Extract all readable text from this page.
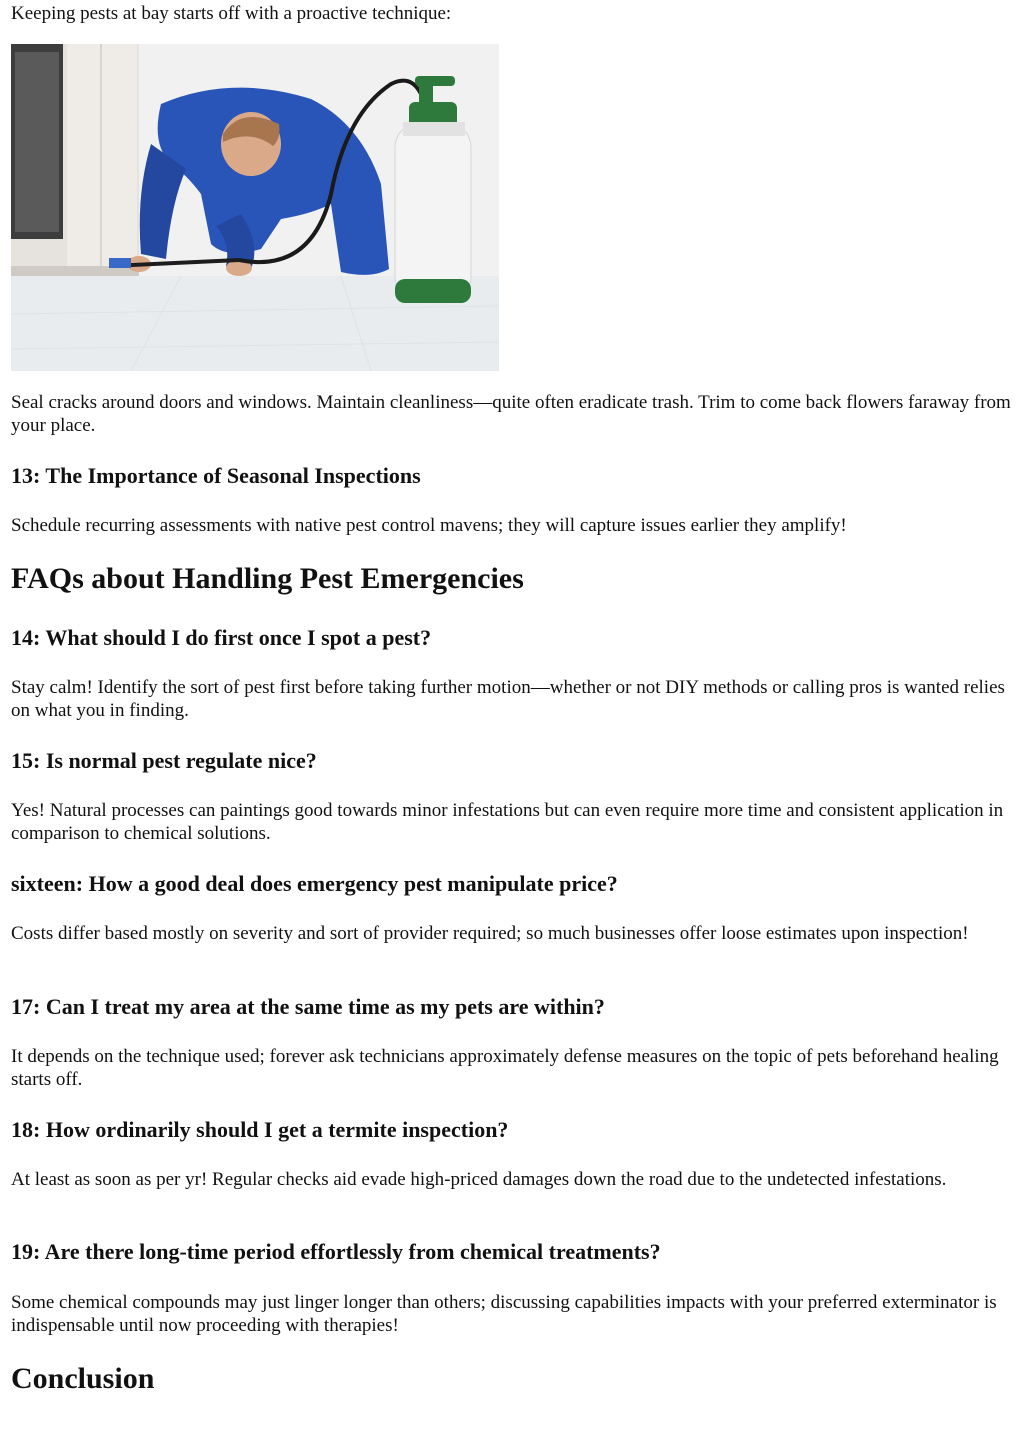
Keeping pests at bay starts off with a proactive technique:

Seal cracks around doors and windows. Maintain cleanliness—quite often eradicate trash. Trim to come back flowers faraway from your place.

13: The Importance of Seasonal Inspections

Schedule recurring assessments with native pest control mavens; they will capture issues earlier they amplify!

FAQs about Handling Pest Emergencies
14: What should I do first once I spot a pest?

Stay calm! Identify the sort of pest first before taking further motion—whether or not DIY methods or calling pros is wanted relies on what you in finding.

15: Is normal pest regulate nice?

Yes! Natural processes can paintings good towards minor infestations but can even require more time and consistent application in comparison to chemical solutions.

sixteen: How a good deal does emergency pest manipulate price?

Costs differ based mostly on severity and sort of provider required; so much businesses offer loose estimates upon inspection!

17: Can I treat my area at the same time as my pets are within?

It depends on the technique used; forever ask technicians approximately defense measures on the topic of pets beforehand healing starts off.

18: How ordinarily should I get a termite inspection?

At least as soon as per yr! Regular checks aid evade high-priced damages down the road due to the undetected infestations.

19: Are there long-time period effortlessly from chemical treatments?

Some chemical compounds may just linger longer than others; discussing capabilities impacts with your preferred exterminator is indispensable until now proceeding with therapies!

Conclusion
